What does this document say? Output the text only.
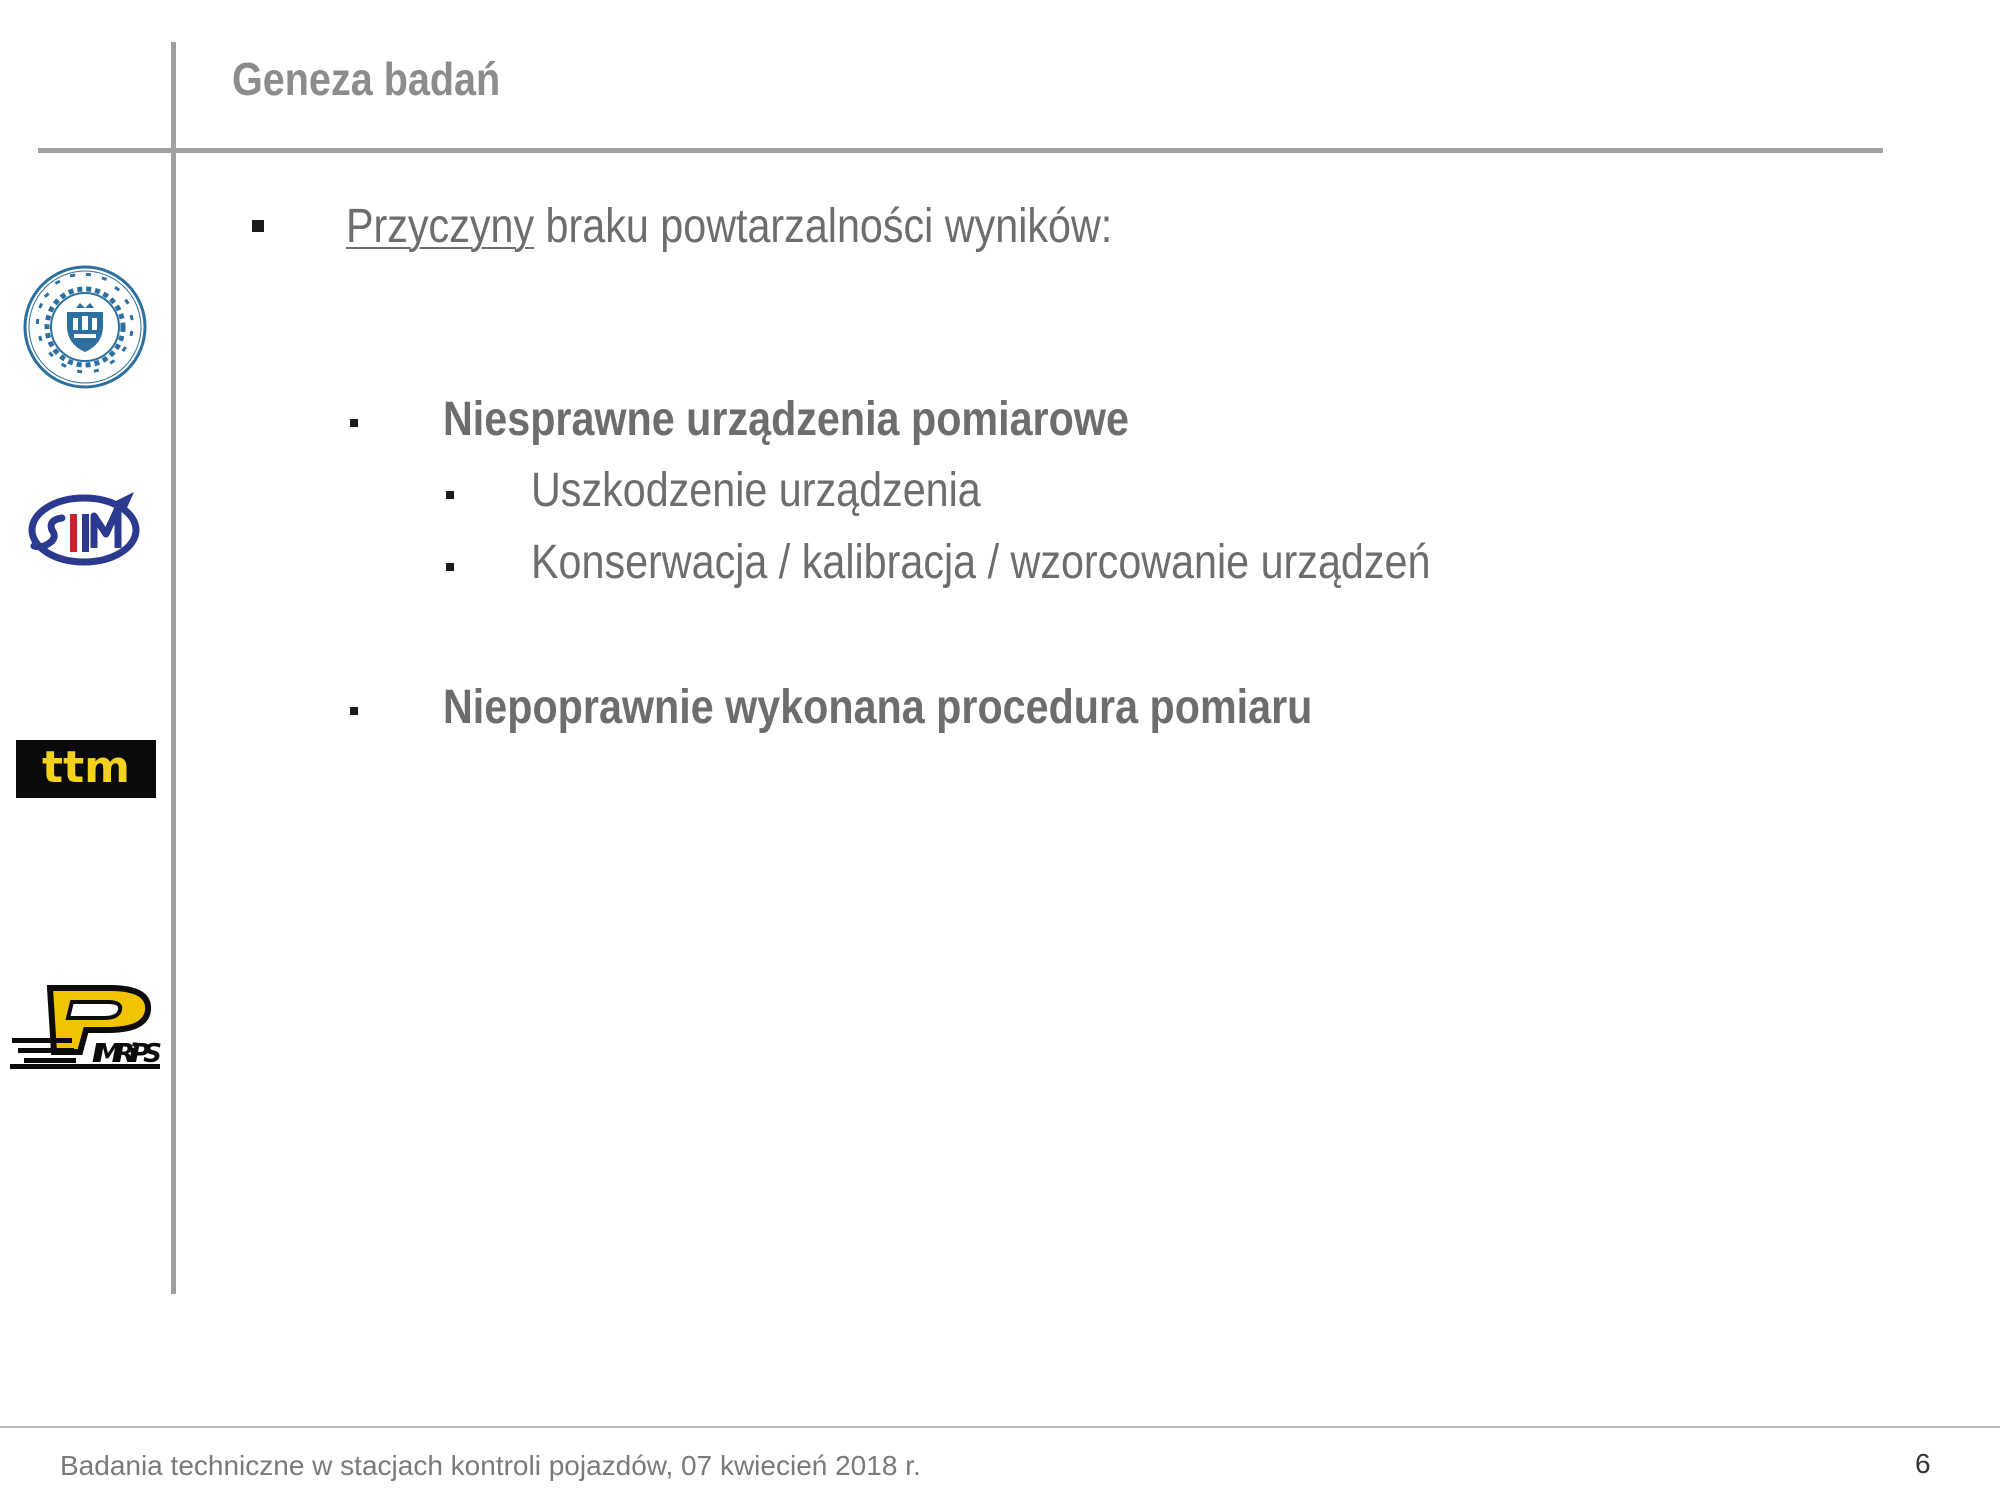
Geneza badań
Przyczyny braku powtarzalności wyników:
Niesprawne urządzenia pomiarowe
Uszkodzenie urządzenia
Konserwacja / kalibracja / wzorcowanie urządzeń
Niepoprawnie wykonana procedura pomiaru
ttm
IMRiPS
Badania techniczne w stacjach kontroli pojazdów, 07 kwiecień 2018 r.	6
